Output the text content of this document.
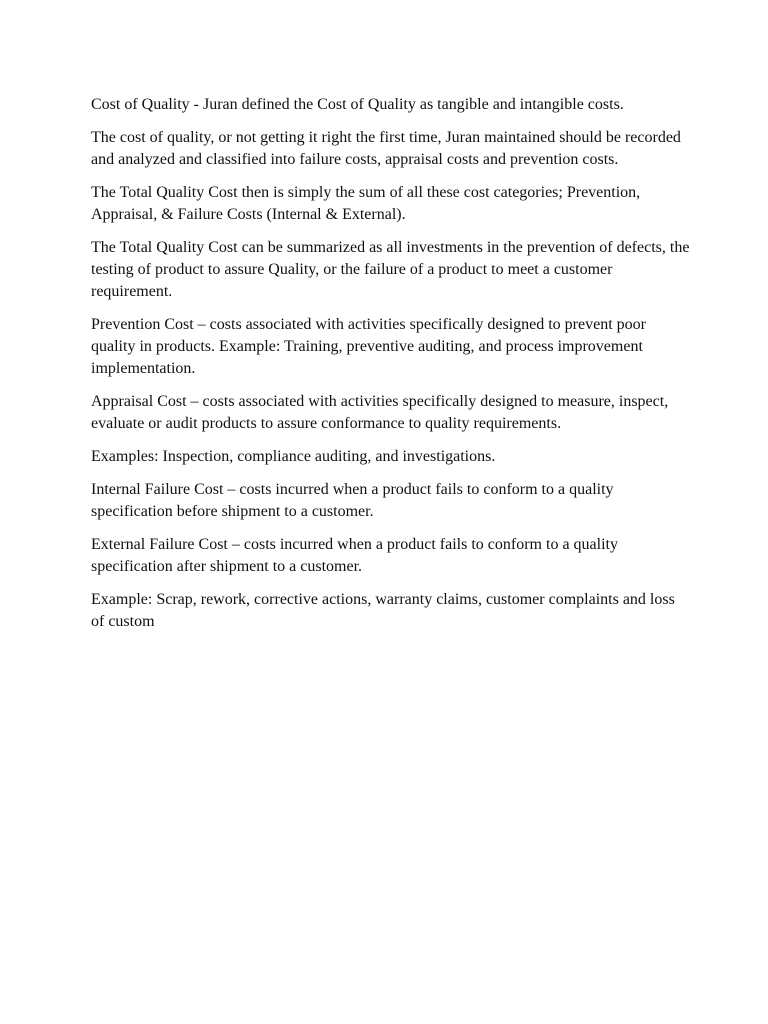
Cost of Quality - Juran defined the Cost of Quality as tangible and intangible costs.

The cost of quality, or not getting it right the first time, Juran maintained should be recorded and analyzed and classified into failure costs, appraisal costs and prevention costs.

The Total Quality Cost then is simply the sum of all these cost categories; Prevention, Appraisal, & Failure Costs (Internal & External).

The Total Quality Cost can be summarized as all investments in the prevention of defects, the testing of product to assure Quality, or the failure of a product to meet a customer requirement.

Prevention Cost – costs associated with activities specifically designed to prevent poor quality in products. Example: Training, preventive auditing, and process improvement implementation.

Appraisal Cost – costs associated with activities specifically designed to measure, inspect, evaluate or audit products to assure conformance to quality requirements.

Examples: Inspection, compliance auditing, and investigations.

Internal Failure Cost – costs incurred when a product fails to conform to a quality specification before shipment to a customer.

External Failure Cost – costs incurred when a product fails to conform to a quality specification after shipment to a customer.

Example: Scrap, rework, corrective actions, warranty claims, customer complaints and loss of custom
